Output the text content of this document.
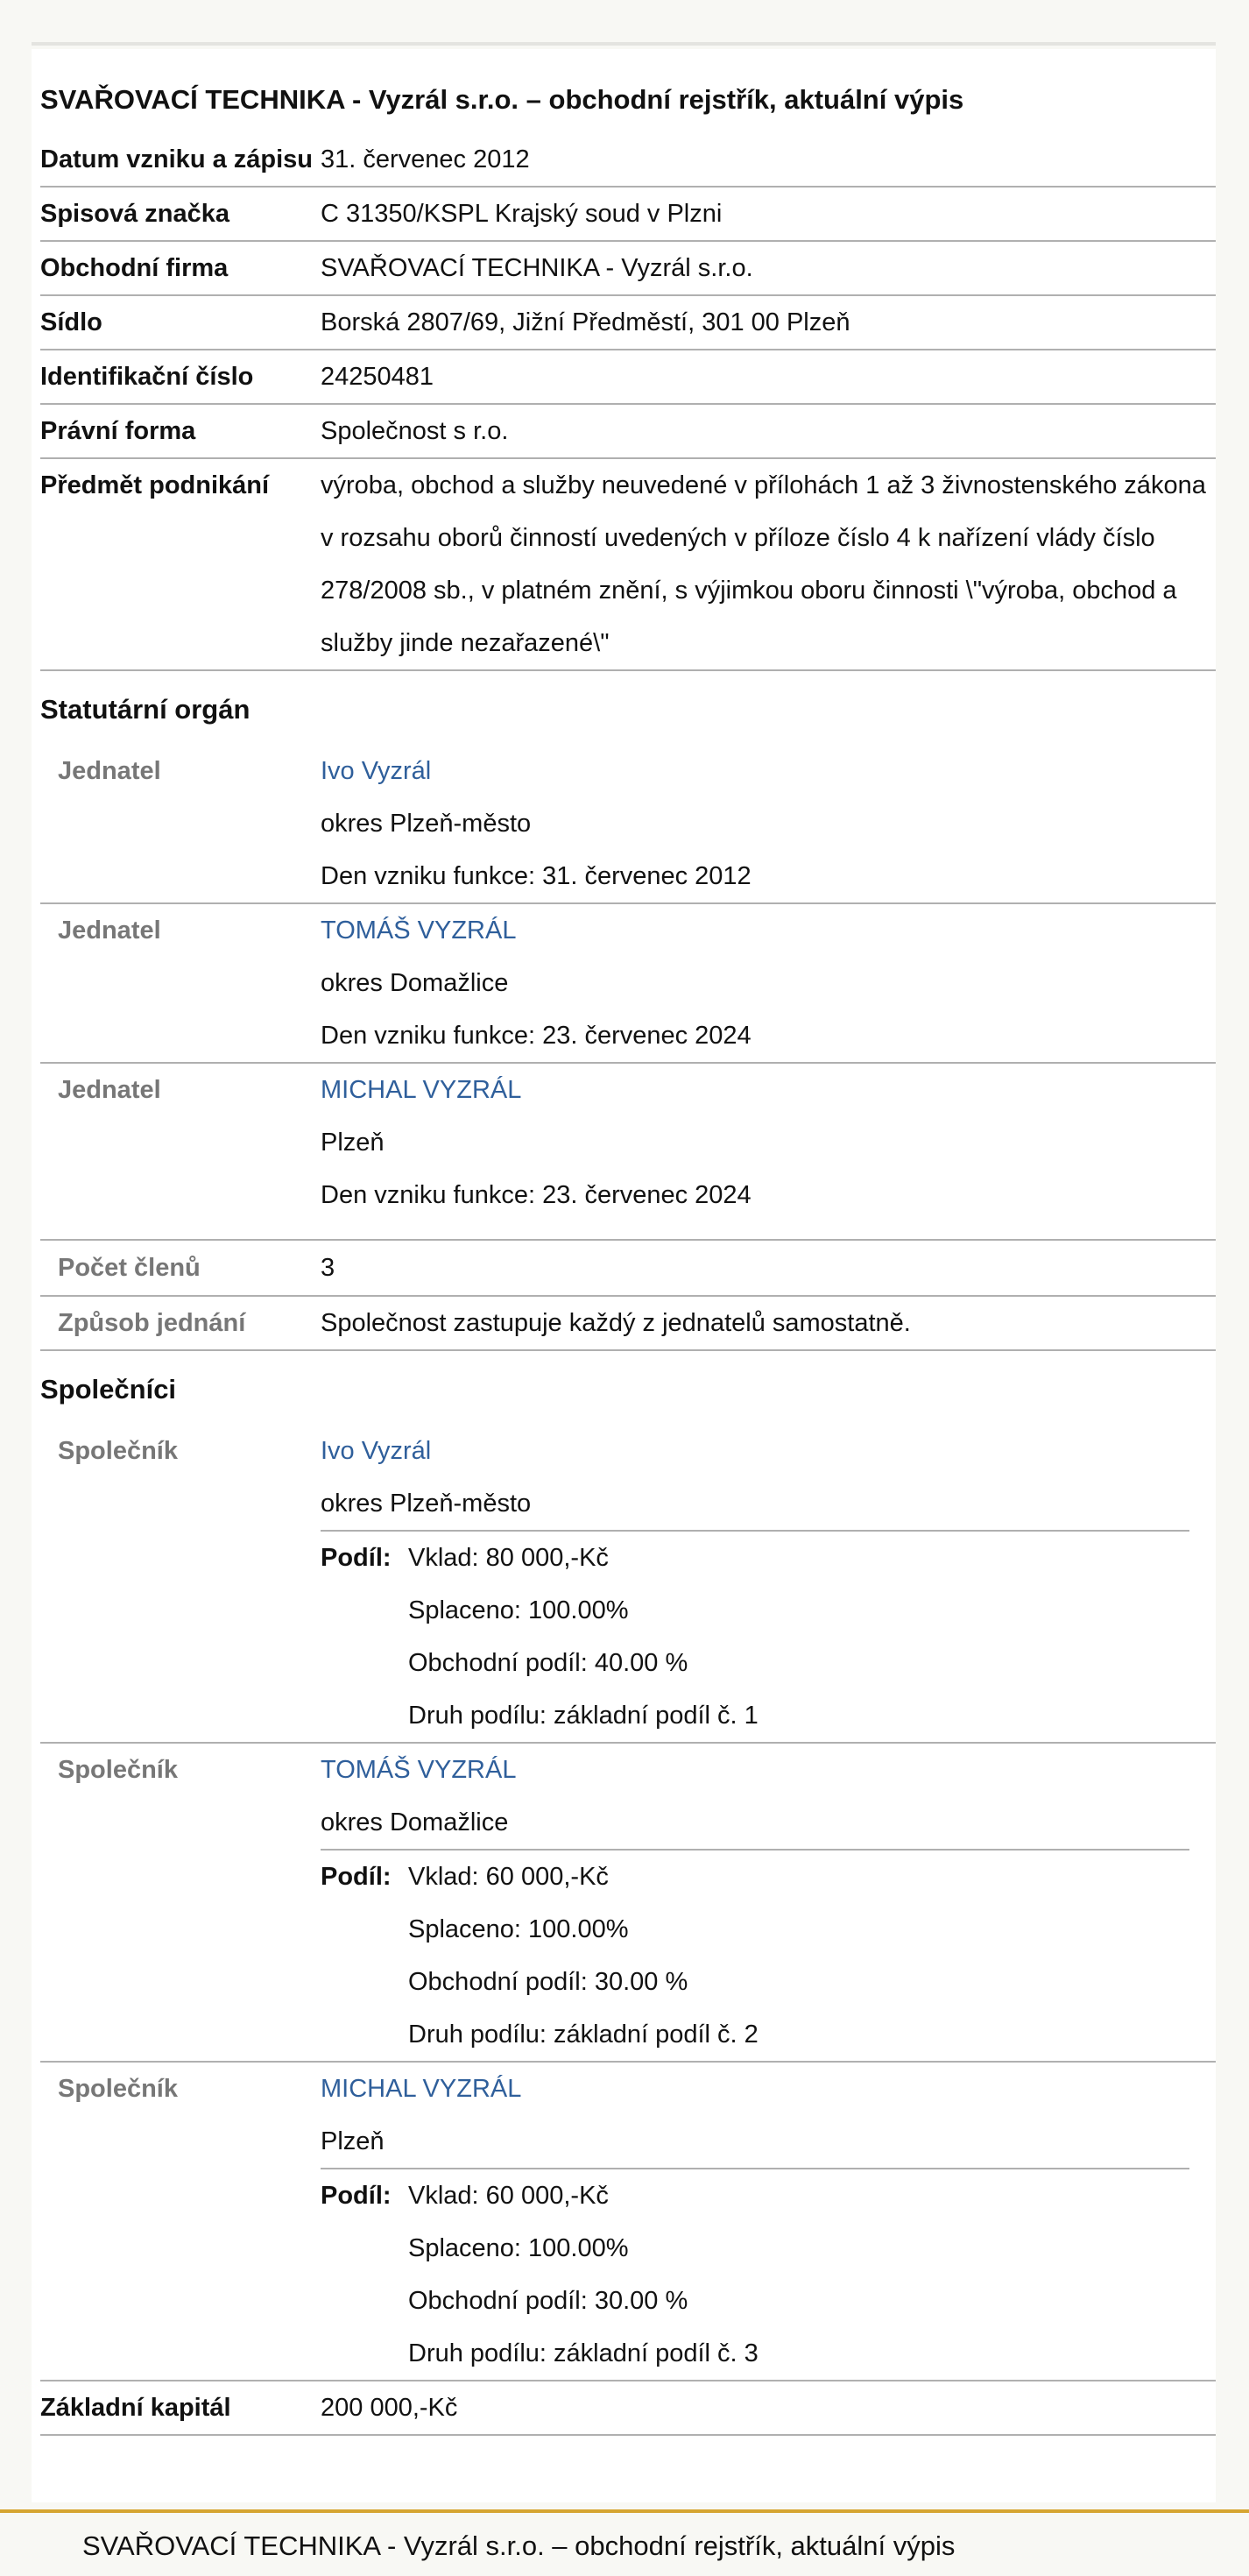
SVAŘOVACÍ TECHNIKA - Vyzrál s.r.o. – obchodní rejstřík, aktuální výpis
Datum vzniku a zápisu 31. červenec 2012
Spisová značka	C 31350/KSPL Krajský soud v Plzni
Obchodní firma	SVAŘOVACÍ TECHNIKA - Vyzrál s.r.o.
Sídlo	Borská 2807/69, Jižní Předměstí, 301 00 Plzeň
Identifikační číslo	24250481
Právní forma	Společnost s r.o.
Předmět podnikání	výroba, obchod a služby neuvedené v přílohách 1 až 3 živnostenského zákona v rozsahu oborů činností uvedených v příloze číslo 4 k nařízení vlády číslo 278/2008 sb., v platném znění, s výjimkou oboru činnosti \"výroba, obchod a služby jinde nezařazené\"
Statutární orgán
Jednatel	Ivo Vyzrál
okres Plzeň-město
Den vzniku funkce: 31. červenec 2012
Jednatel	TOMÁŠ VYZRÁL
okres Domažlice
Den vzniku funkce: 23. červenec 2024
Jednatel	MICHAL VYZRÁL
Plzeň
Den vzniku funkce: 23. červenec 2024
Počet členů	3
Způsob jednání	Společnost zastupuje každý z jednatelů samostatně.
Společníci
Společník	Ivo Vyzrál
okres Plzeň-město
Podíl: Vklad: 80 000,-Kč
Splaceno: 100.00%
Obchodní podíl: 40.00 %
Druh podílu: základní podíl č. 1
Společník	TOMÁŠ VYZRÁL
okres Domažlice
Podíl: Vklad: 60 000,-Kč
Splaceno: 100.00%
Obchodní podíl: 30.00 %
Druh podílu: základní podíl č. 2
Společník	MICHAL VYZRÁL
Plzeň
Podíl: Vklad: 60 000,-Kč
Splaceno: 100.00%
Obchodní podíl: 30.00 %
Druh podílu: základní podíl č. 3
Základní kapitál	200 000,-Kč
SVAŘOVACÍ TECHNIKA - Vyzrál s.r.o. – obchodní rejstřík, aktuální výpis
